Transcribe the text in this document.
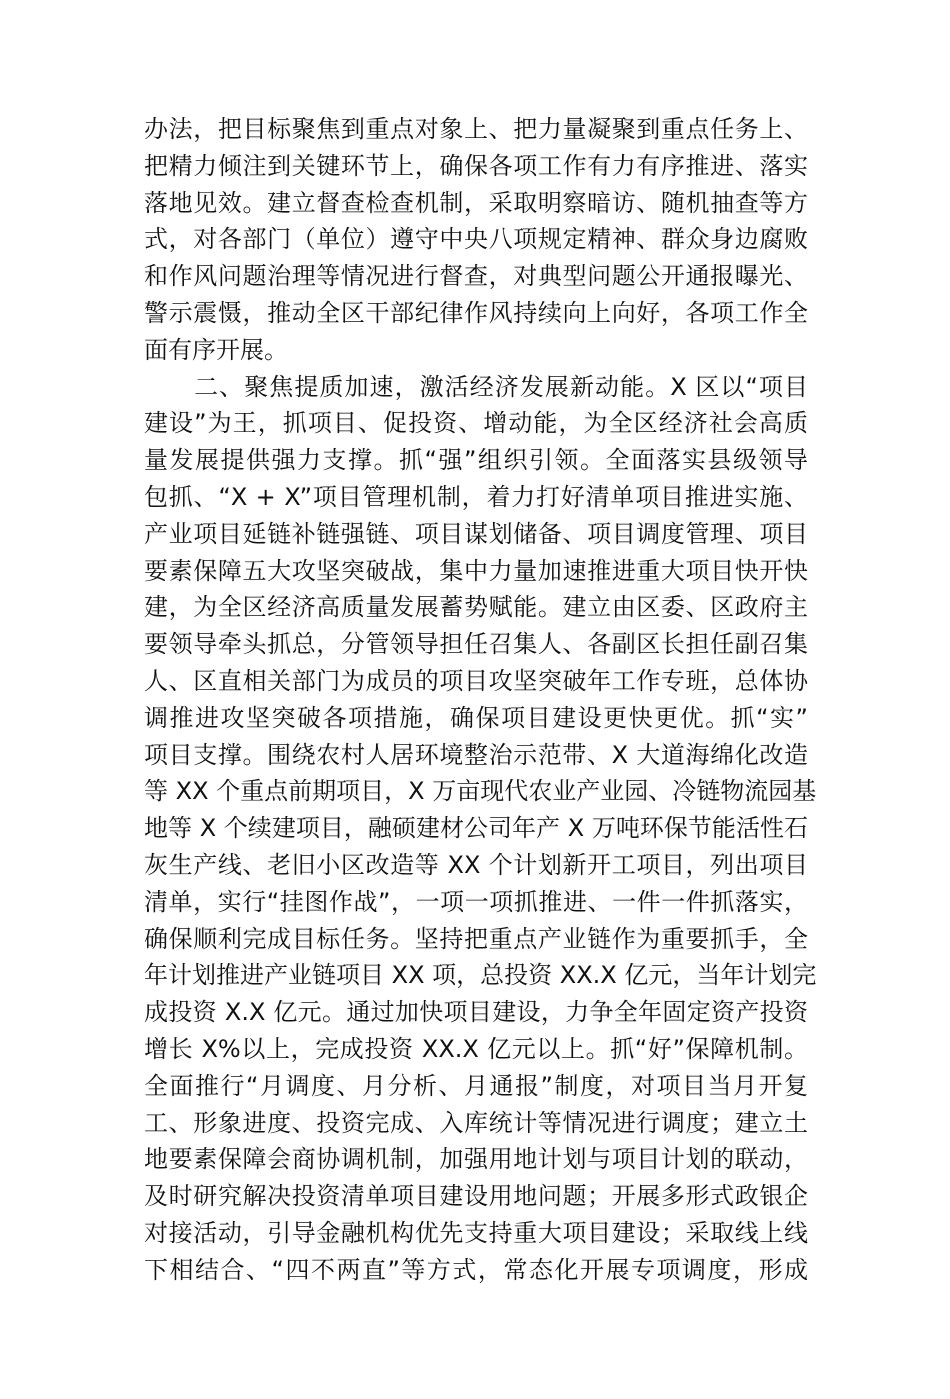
办法，把目标聚焦到重点对象上、把力量凝聚到重点任务上、
把精力倾注到关键环节上，确保各项工作有力有序推进、落实
落地见效。建立督查检查机制，采取明察暗访、随机抽查等方
式，对各部门（单位）遵守中央八项规定精神、群众身边腐败
和作风问题治理等情况进行督查，对典型问题公开通报曝光、
警示震慑，推动全区干部纪律作风持续向上向好，各项工作全
面有序开展。
　　二、聚焦提质加速，激活经济发展新动能。X 区以“项目
建设”为王，抓项目、促投资、增动能，为全区经济社会高质
量发展提供强力支撑。抓“强”组织引领。全面落实县级领导
包抓、“X + X”项目管理机制，着力打好清单项目推进实施、
产业项目延链补链强链、项目谋划储备、项目调度管理、项目
要素保障五大攻坚突破战，集中力量加速推进重大项目快开快
建，为全区经济高质量发展蓄势赋能。建立由区委、区政府主
要领导牵头抓总，分管领导担任召集人、各副区长担任副召集
人、区直相关部门为成员的项目攻坚突破年工作专班，总体协
调推进攻坚突破各项措施，确保项目建设更快更优。抓“实”
项目支撑。围绕农村人居环境整治示范带、X 大道海绵化改造
等 XX 个重点前期项目，X 万亩现代农业产业园、冷链物流园基
地等 X 个续建项目，融硕建材公司年产 X 万吨环保节能活性石
灰生产线、老旧小区改造等 XX 个计划新开工项目，列出项目
清单，实行“挂图作战”，一项一项抓推进、一件一件抓落实，
确保顺利完成目标任务。坚持把重点产业链作为重要抓手，全
年计划推进产业链项目 XX 项，总投资 XX.X 亿元，当年计划完
成投资 X.X 亿元。通过加快项目建设，力争全年固定资产投资
增长 X%以上，完成投资 XX.X 亿元以上。抓“好”保障机制。
全面推行“月调度、月分析、月通报”制度，对项目当月开复
工、形象进度、投资完成、入库统计等情况进行调度；建立土
地要素保障会商协调机制，加强用地计划与项目计划的联动，
及时研究解决投资清单项目建设用地问题；开展多形式政银企
对接活动，引导金融机构优先支持重大项目建设；采取线上线
下相结合、“四不两直”等方式，常态化开展专项调度，形成
